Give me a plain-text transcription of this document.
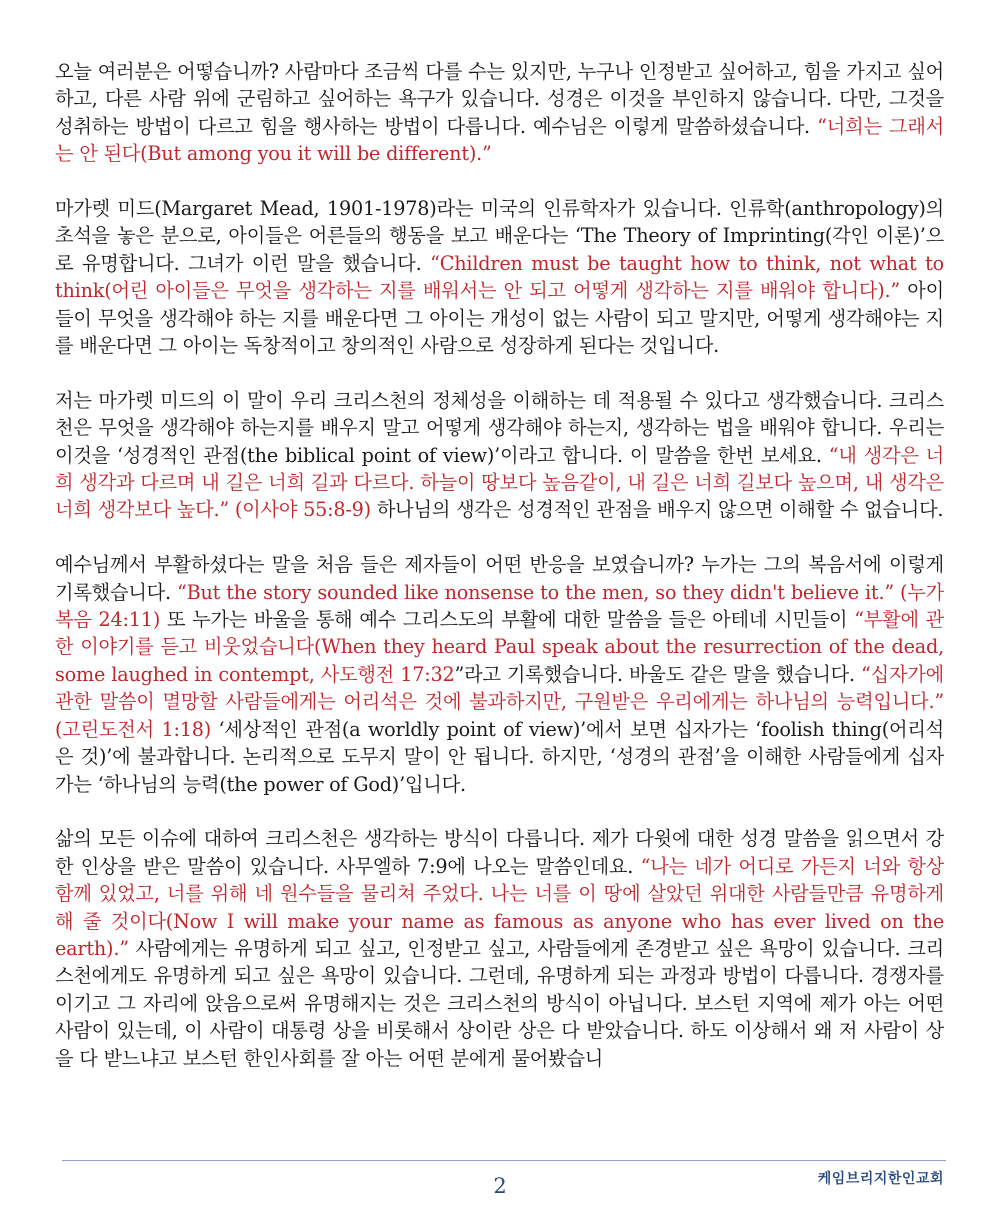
오늘 여러분은 어떻습니까? 사람마다 조금씩 다를 수는 있지만, 누구나 인정받고 싶어하고, 힘을 가지고 싶어하고, 다른 사람 위에 군림하고 싶어하는 욕구가 있습니다. 성경은 이것을 부인하지 않습니다. 다만, 그것을 성취하는 방법이 다르고 힘을 행사하는 방법이 다릅니다. 예수님은 이렇게 말씀하셨습니다. “너희는 그래서는 안 된다(But among you it will be different).”

마가렛 미드(Margaret Mead, 1901-1978)라는 미국의 인류학자가 있습니다. 인류학(anthropology)의 초석을 놓은 분으로, 아이들은 어른들의 행동을 보고 배운다는 ‘The Theory of Imprinting(각인 이론)’으로 유명합니다. 그녀가 이런 말을 했습니다. “Children must be taught how to think, not what to think(어린 아이들은 무엇을 생각하는 지를 배워서는 안 되고 어떻게 생각하는 지를 배워야 합니다).” 아이들이 무엇을 생각해야 하는 지를 배운다면 그 아이는 개성이 없는 사람이 되고 말지만, 어떻게 생각해야는 지를 배운다면 그 아이는 독창적이고 창의적인 사람으로 성장하게 된다는 것입니다.

저는 마가렛 미드의 이 말이 우리 크리스천의 정체성을 이해하는 데 적용될 수 있다고 생각했습니다. 크리스천은 무엇을 생각해야 하는지를 배우지 말고 어떻게 생각해야 하는지, 생각하는 법을 배워야 합니다. 우리는 이것을 ‘성경적인 관점(the biblical point of view)’이라고 합니다. 이 말씀을 한번 보세요. “내 생각은 너희 생각과 다르며 내 길은 너희 길과 다르다. 하늘이 땅보다 높음같이, 내 길은 너희 길보다 높으며, 내 생각은 너희 생각보다 높다.” (이사야 55:8-9) 하나님의 생각은 성경적인 관점을 배우지 않으면 이해할 수 없습니다.

예수님께서 부활하셨다는 말을 처음 들은 제자들이 어떤 반응을 보였습니까? 누가는 그의 복음서에 이렇게 기록했습니다. “But the story sounded like nonsense to the men, so they didn't believe it.” (누가복음 24:11) 또 누가는 바울을 통해 예수 그리스도의 부활에 대한 말씀을 들은 아테네 시민들이 “부활에 관한 이야기를 듣고 비웃었습니다(When they heard Paul speak about the resurrection of the dead, some laughed in contempt, 사도행전 17:32”라고 기록했습니다. 바울도 같은 말을 했습니다. “십자가에 관한 말씀이 멸망할 사람들에게는 어리석은 것에 불과하지만, 구원받은 우리에게는 하나님의 능력입니다.” (고린도전서 1:18) ‘세상적인 관점(a worldly point of view)’에서 보면 십자가는 ‘foolish thing(어리석은 것)’에 불과합니다. 논리적으로 도무지 말이 안 됩니다. 하지만, ‘성경의 관점’을 이해한 사람들에게 십자가는 ‘하나님의 능력(the power of God)’입니다.

삶의 모든 이슈에 대하여 크리스천은 생각하는 방식이 다릅니다. 제가 다윗에 대한 성경 말씀을 읽으면서 강한 인상을 받은 말씀이 있습니다. 사무엘하 7:9에 나오는 말씀인데요. “나는 네가 어디로 가든지 너와 항상 함께 있었고, 너를 위해 네 원수들을 물리쳐 주었다. 나는 너를 이 땅에 살았던 위대한 사람들만큼 유명하게 해 줄 것이다(Now I will make your name as famous as anyone who has ever lived on the earth).” 사람에게는 유명하게 되고 싶고, 인정받고 싶고, 사람들에게 존경받고 싶은 욕망이 있습니다. 크리스천에게도 유명하게 되고 싶은 욕망이 있습니다. 그런데, 유명하게 되는 과정과 방법이 다릅니다. 경쟁자를 이기고 그 자리에 앉음으로써 유명해지는 것은 크리스천의 방식이 아닙니다. 보스턴 지역에 제가 아는 어떤 사람이 있는데, 이 사람이 대통령 상을 비롯해서 상이란 상은 다 받았습니다. 하도 이상해서 왜 저 사람이 상을 다 받느냐고 보스턴 한인사회를 잘 아는 어떤 분에게 물어봤습니

2	케임브리지한인교회
